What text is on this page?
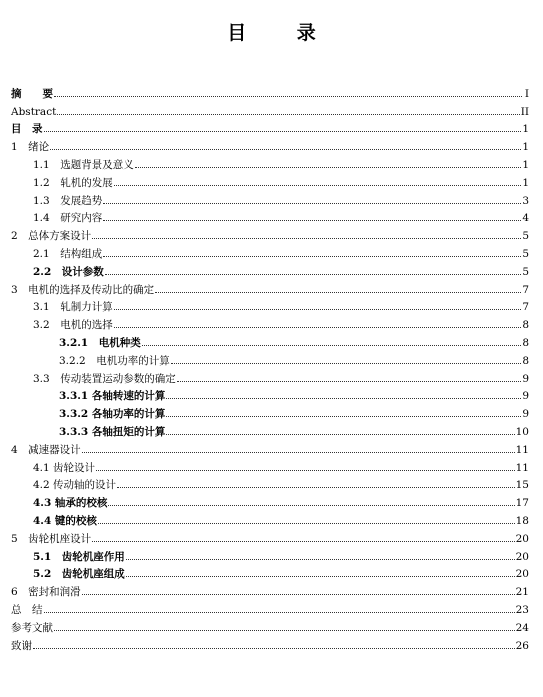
目 录
摘　　要	I
Abstract	II
目　录	1
1　绪论	1
1.1　选题背景及意义	1
1.2　轧机的发展	1
1.3　发展趋势	3
1.4　研究内容	4
2　总体方案设计	5
2.1　结构组成	5
2.2　设计参数	5
3　电机的选择及传动比的确定	7
3.1　轧制力计算	7
3.2　电机的选择	8
3.2.1　电机种类	8
3.2.2　电机功率的计算	8
3.3　传动装置运动参数的确定	9
3.3.1 各轴转速的计算	9
3.3.2 各轴功率的计算	9
3.3.3 各轴扭矩的计算	10
4　减速器设计	11
4.1 齿轮设计	11
4.2 传动轴的设计	15
4.3 轴承的校核	17
4.4 键的校核	18
5　齿轮机座设计	20
5.1　齿轮机座作用	20
5.2　齿轮机座组成	20
6　密封和润滑	21
总　结	23
参考文献	24
致谢	26
